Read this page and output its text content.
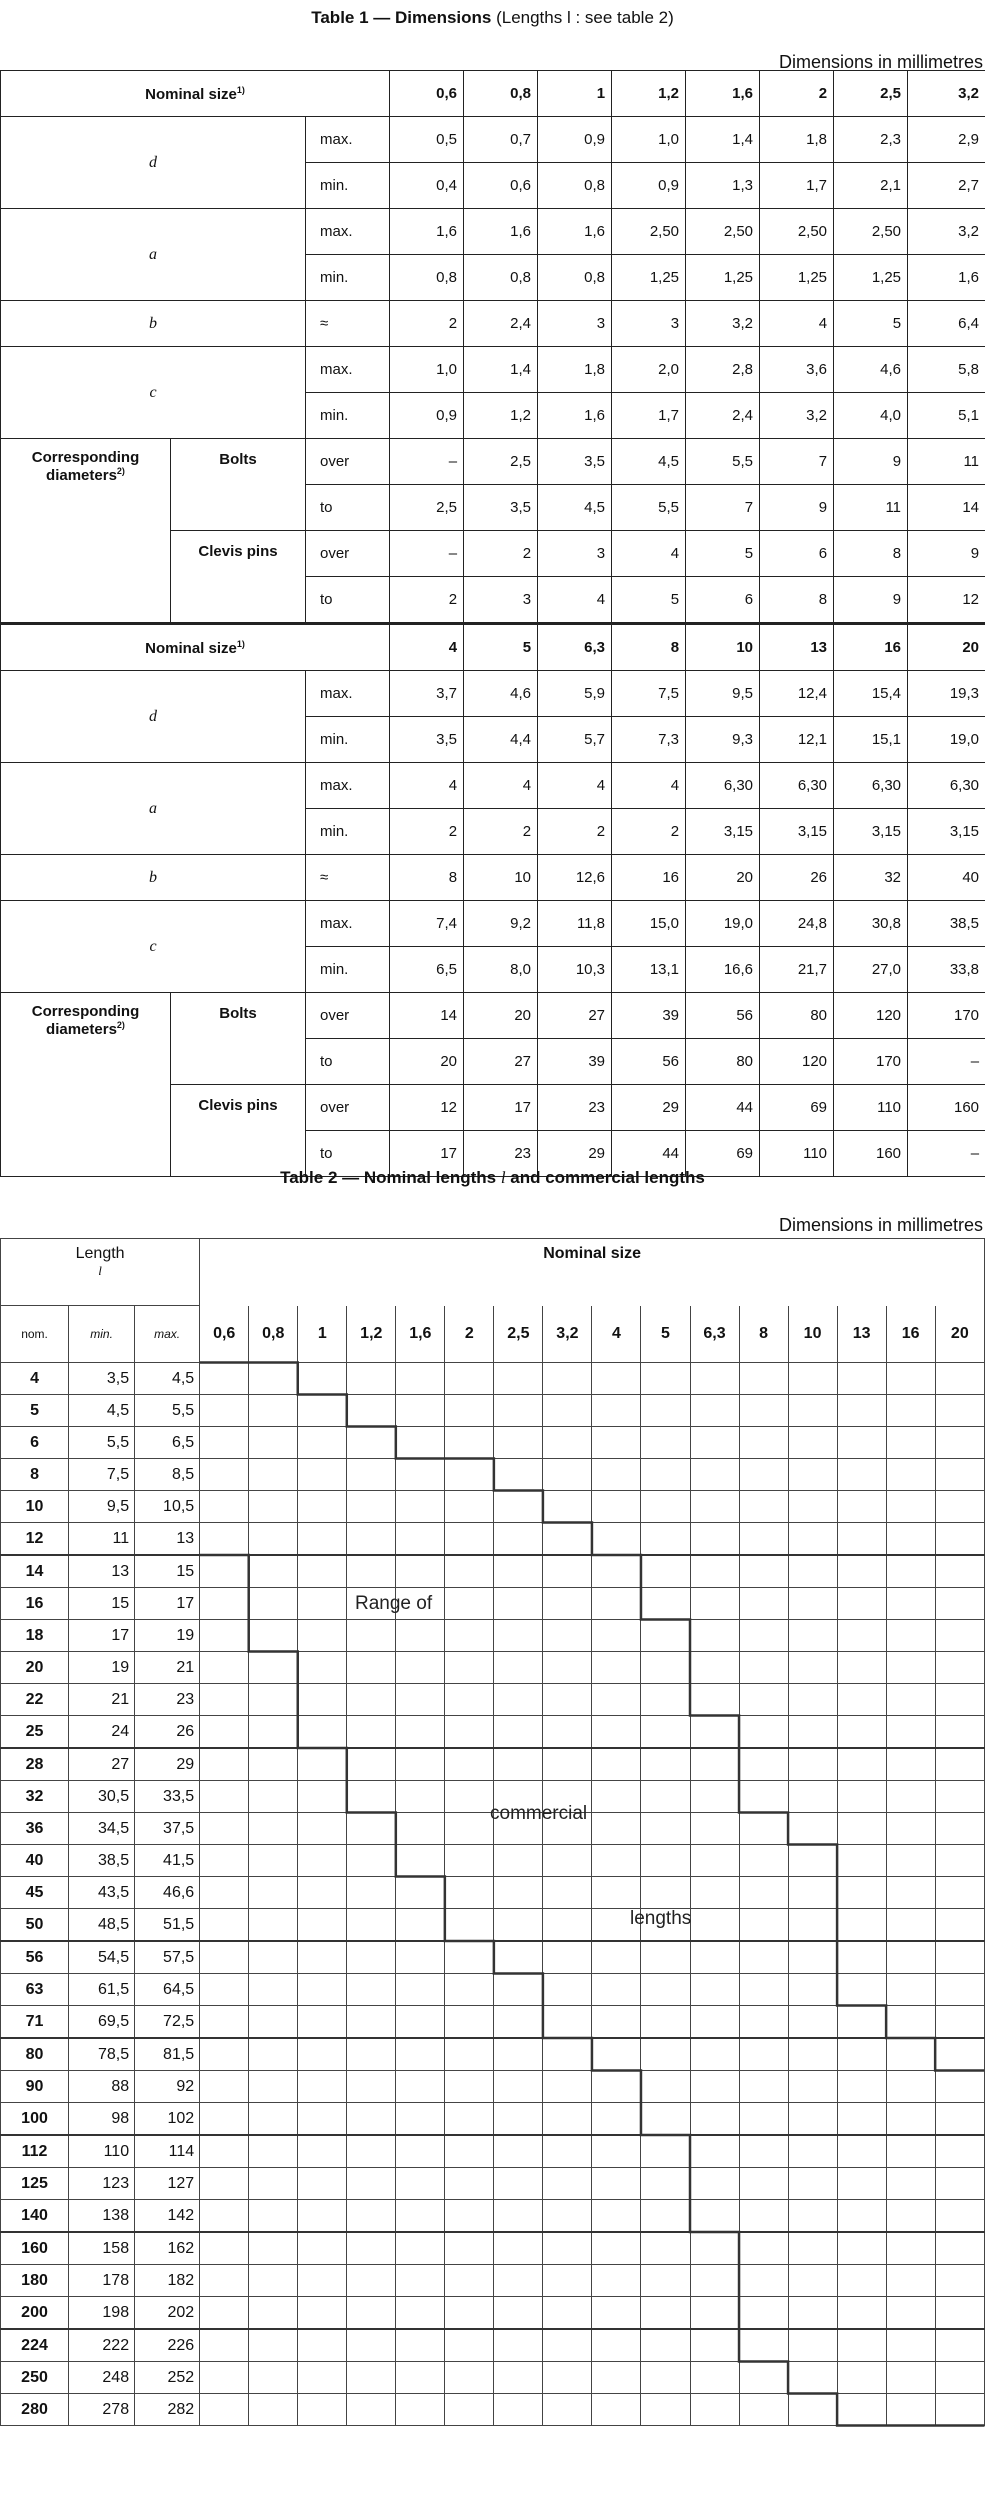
Table 1 — Dimensions (Lengths l : see table 2)
Dimensions in millimetres
Nominal size$^{1)}$			0,6	0,8	1	1,2	1,6	2	2,5	3,2
d		max.	0,5	0,7	0,9	1,0	1,4	1,8	2,3	2,9
		min.	0,4	0,6	0,8	0,9	1,3	1,7	2,1	2,7
a		max.	1,6	1,6	1,6	2,50	2,50	2,50	2,50	3,2
		min.	0,8	0,8	0,8	1,25	1,25	1,25	1,25	1,6
b		≈	2	2,4	3	3	3,2	4	5	6,4
c		max.	1,0	1,4	1,8	2,0	2,8	3,6	4,6	5,8
		min.	0,9	1,2	1,6	1,7	2,4	3,2	4,0	5,1
Corresponding diameters$^{2)}$	Bolts	over	–	2,5	3,5	4,5	5,5	7	9	11
		to	2,5	3,5	4,5	5,5	7	9	11	14
	Clevis pins	over	–	2	3	4	5	6	8	9
		to	2	3	4	5	6	8	9	12
Nominal size$^{1)}$			4	5	6,3	8	10	13	16	20
d		max.	3,7	4,6	5,9	7,5	9,5	12,4	15,4	19,3
		min.	3,5	4,4	5,7	7,3	9,3	12,1	15,1	19,0
a		max.	4	4	4	4	6,30	6,30	6,30	6,30
		min.	2	2	2	2	3,15	3,15	3,15	3,15
b		≈	8	10	12,6	16	20	26	32	40
c		max.	7,4	9,2	11,8	15,0	19,0	24,8	30,8	38,5
		min.	6,5	8,0	10,3	13,1	16,6	21,7	27,0	33,8
Corresponding diameters$^{2)}$	Bolts	over	14	20	27	39	56	80	120	170
		to	20	27	39	56	80	120	170	–
	Clevis pins	over	12	17	23	29	44	69	110	160
		to	17	23	29	44	69	110	160	–
Table 2 — Nominal lengths l and commercial lengths
Dimensions in millimetres
Length
l			Nominal size															
nom.	min.	max.	0,6	0,8	1	1,2	1,6	2	2,5	3,2	4	5	6,3	8	10	13	16	20
4	3,5	4,5																
5	4,5	5,5																
6	5,5	6,5																
8	7,5	8,5																
10	9,5	10,5																
12	11	13																
14	13	15																
16	15	17																
18	17	19																
20	19	21																
22	21	23																
25	24	26																
28	27	29																
32	30,5	33,5																
36	34,5	37,5																
40	38,5	41,5																
45	43,5	46,6																
50	48,5	51,5																
56	54,5	57,5																
63	61,5	64,5																
71	69,5	72,5																
80	78,5	81,5																
90	88	92																
100	98	102																
112	110	114																
125	123	127																
140	138	142																
160	158	162																
180	178	182																
200	198	202																
224	222	226																
250	248	252																
280	278	282																
Range of
commercial
lengths
